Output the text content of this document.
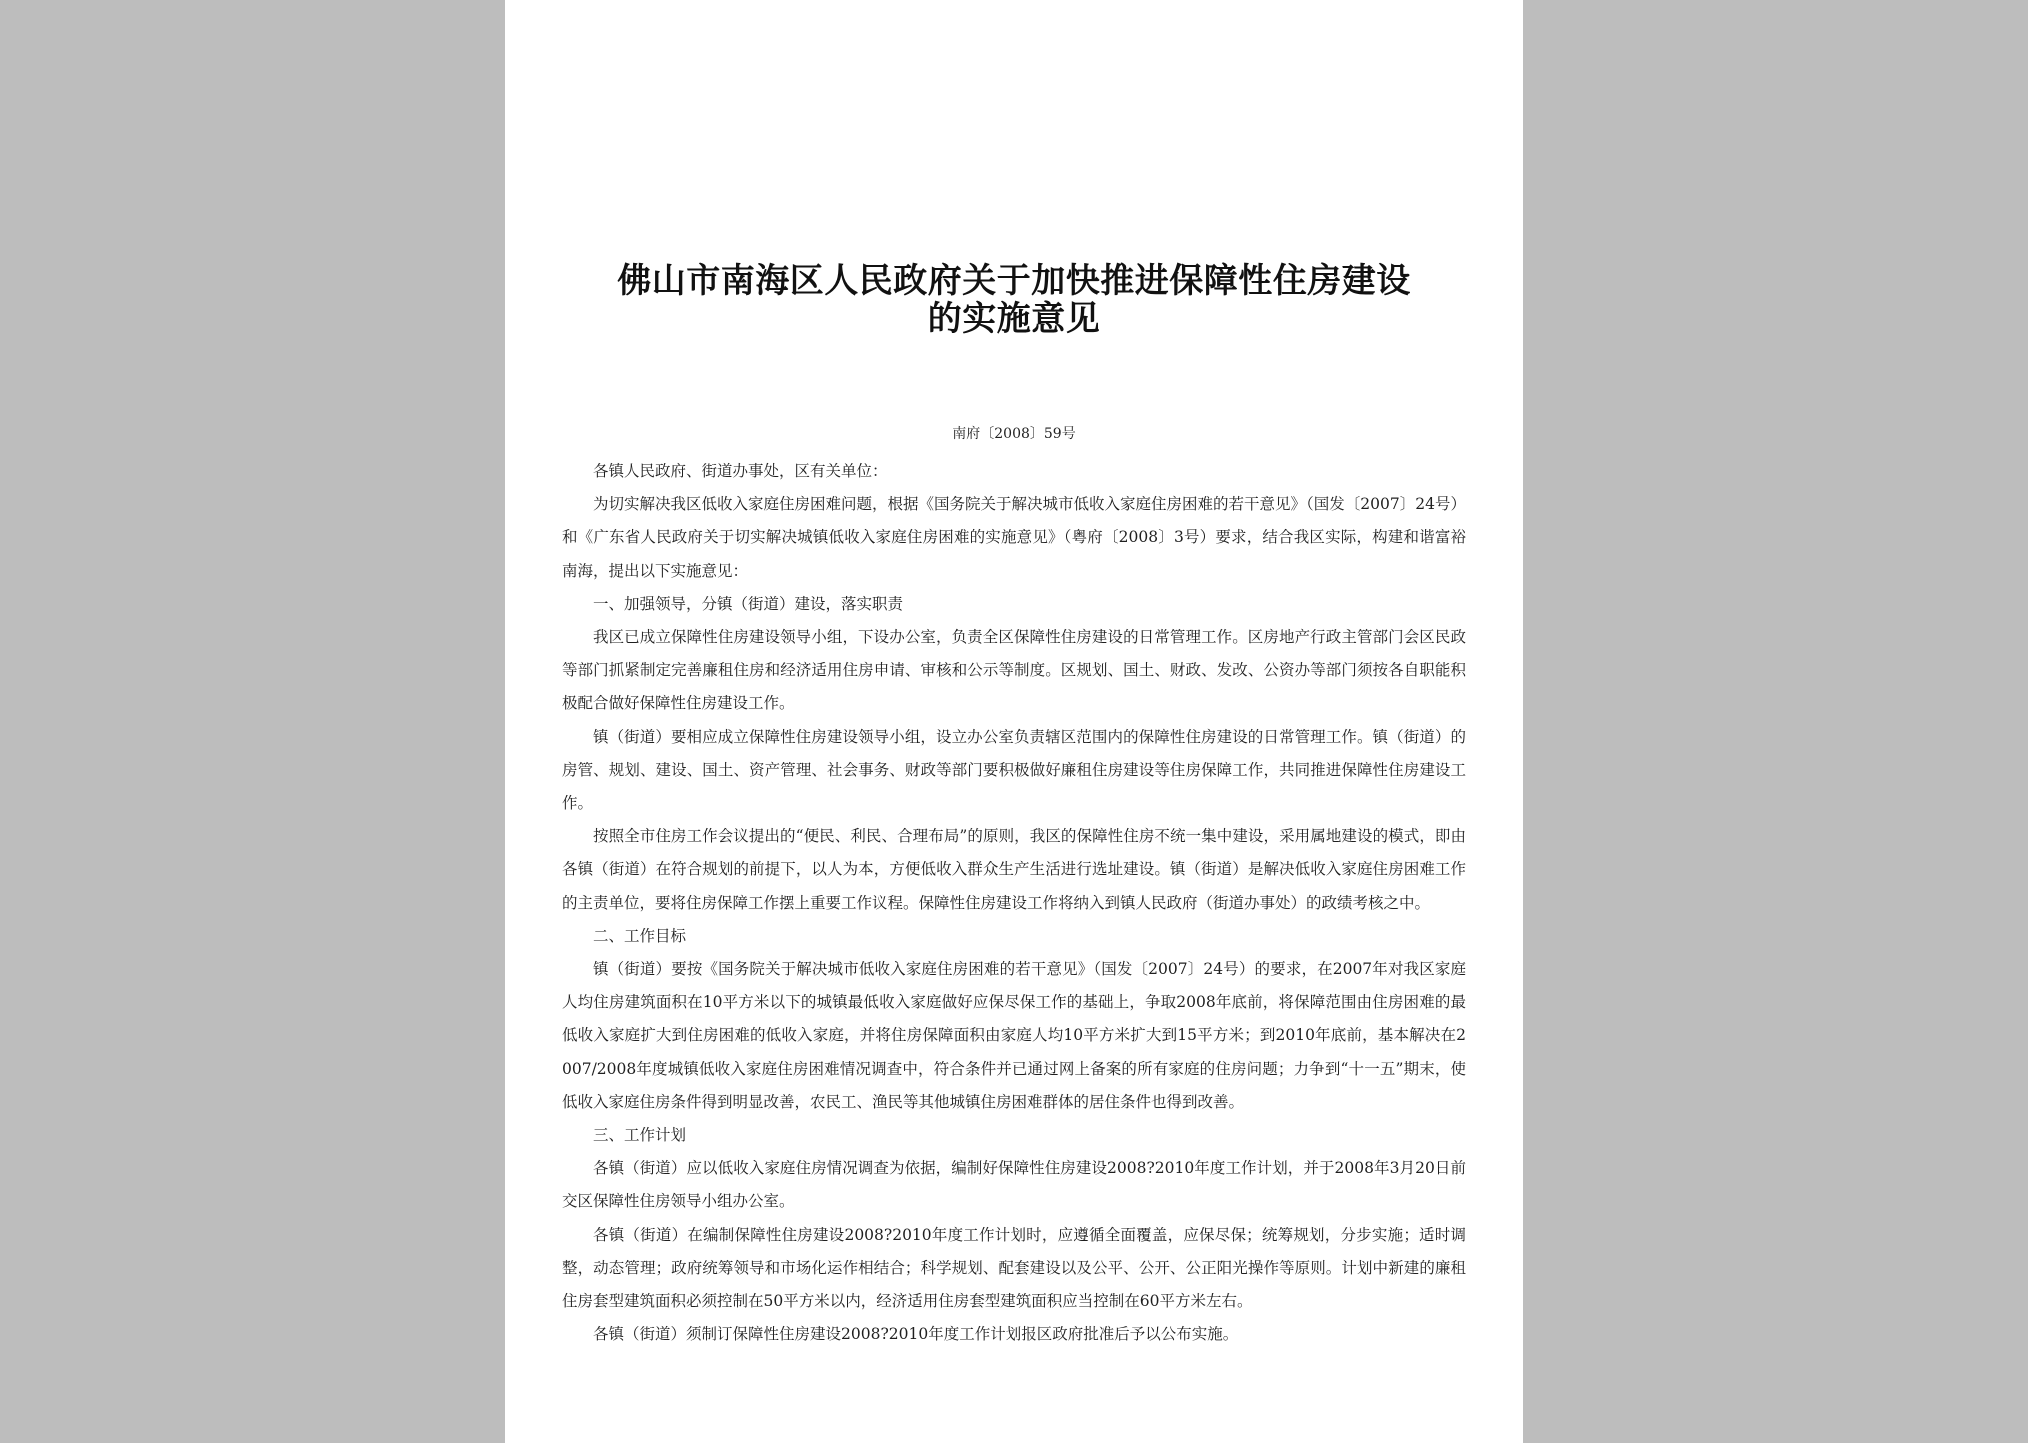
佛山市南海区人民政府关于加快推进保障性住房建设
的实施意见
南府〔2008〕59号

各镇人民政府、街道办事处，区有关单位：

为切实解决我区低收入家庭住房困难问题，根据《国务院关于解决城市低收入家庭住房困难的若干意见》（国发〔2007〕24号）和《广东省人民政府关于切实解决城镇低收入家庭住房困难的实施意见》（粤府〔2008〕3号）要求，结合我区实际，构建和谐富裕南海，提出以下实施意见：

一、加强领导，分镇（街道）建设，落实职责

我区已成立保障性住房建设领导小组，下设办公室，负责全区保障性住房建设的日常管理工作。区房地产行政主管部门会区民政等部门抓紧制定完善廉租住房和经济适用住房申请、审核和公示等制度。区规划、国土、财政、发改、公资办等部门须按各自职能积极配合做好保障性住房建设工作。

镇（街道）要相应成立保障性住房建设领导小组，设立办公室负责辖区范围内的保障性住房建设的日常管理工作。镇（街道）的房管、规划、建设、国土、资产管理、社会事务、财政等部门要积极做好廉租住房建设等住房保障工作，共同推进保障性住房建设工作。

按照全市住房工作会议提出的“便民、利民、合理布局”的原则，我区的保障性住房不统一集中建设，采用属地建设的模式，即由各镇（街道）在符合规划的前提下，以人为本，方便低收入群众生产生活进行选址建设。镇（街道）是解决低收入家庭住房困难工作的主责单位，要将住房保障工作摆上重要工作议程。保障性住房建设工作将纳入到镇人民政府（街道办事处）的政绩考核之中。

二、工作目标

镇（街道）要按《国务院关于解决城市低收入家庭住房困难的若干意见》（国发〔2007〕24号）的要求，在2007年对我区家庭人均住房建筑面积在10平方米以下的城镇最低收入家庭做好应保尽保工作的基础上，争取2008年底前，将保障范围由住房困难的最低收入家庭扩大到住房困难的低收入家庭，并将住房保障面积由家庭人均10平方米扩大到15平方米；到2010年底前，基本解决在2007/2008年度城镇低收入家庭住房困难情况调查中，符合条件并已通过网上备案的所有家庭的住房问题；力争到“十一五”期末，使低收入家庭住房条件得到明显改善，农民工、渔民等其他城镇住房困难群体的居住条件也得到改善。

三、工作计划

各镇（街道）应以低收入家庭住房情况调查为依据，编制好保障性住房建设2008?2010年度工作计划，并于2008年3月20日前交区保障性住房领导小组办公室。

各镇（街道）在编制保障性住房建设2008?2010年度工作计划时，应遵循全面覆盖，应保尽保；统筹规划，分步实施；适时调整，动态管理；政府统筹领导和市场化运作相结合；科学规划、配套建设以及公平、公开、公正阳光操作等原则。计划中新建的廉租住房套型建筑面积必须控制在50平方米以内，经济适用住房套型建筑面积应当控制在60平方米左右。

各镇（街道）须制订保障性住房建设2008?2010年度工作计划报区政府批准后予以公布实施。
